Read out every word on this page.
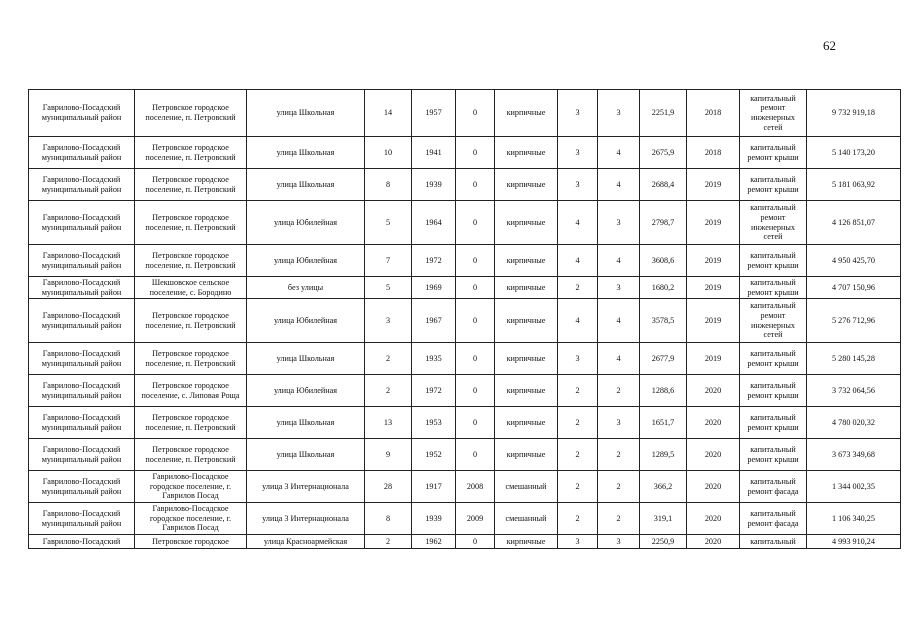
62
Гаврилово-Посадский муниципальный район	Петровское городское поселение, п. Петровский	улица Школьная	14	1957	0	кирпичные	3	3	2251,9	2018	капитальный ремонт инженерных сетей	9 732 919,18
Гаврилово-Посадский муниципальный район	Петровское городское поселение, п. Петровский	улица Школьная	10	1941	0	кирпичные	3	4	2675,9	2018	капитальный ремонт крыши	5 140 173,20
Гаврилово-Посадский муниципальный район	Петровское городское поселение, п. Петровский	улица Школьная	8	1939	0	кирпичные	3	4	2688,4	2019	капитальный ремонт крыши	5 181 063,92
Гаврилово-Посадский муниципальный район	Петровское городское поселение, п. Петровский	улица Юбилейная	5	1964	0	кирпичные	4	3	2798,7	2019	капитальный ремонт инженерных сетей	4 126 851,07
Гаврилово-Посадский муниципальный район	Петровское городское поселение, п. Петровский	улица Юбилейная	7	1972	0	кирпичные	4	4	3608,6	2019	капитальный ремонт крыши	4 950 425,70
Гаврилово-Посадский муниципальный район	Шекшовское сельское поселение, с. Бородино	без улицы	5	1969	0	кирпичные	2	3	1680,2	2019	капитальный ремонт крыши	4 707 150,96
Гаврилово-Посадский муниципальный район	Петровское городское поселение, п. Петровский	улица Юбилейная	3	1967	0	кирпичные	4	4	3578,5	2019	капитальный ремонт инженерных сетей	5 276 712,96
Гаврилово-Посадский муниципальный район	Петровское городское поселение, п. Петровский	улица Школьная	2	1935	0	кирпичные	3	4	2677,9	2019	капитальный ремонт крыши	5 280 145,28
Гаврилово-Посадский муниципальный район	Петровское городское поселение, с. Липовая Роща	улица Юбилейная	2	1972	0	кирпичные	2	2	1288,6	2020	капитальный ремонт крыши	3 732 064,56
Гаврилово-Посадский муниципальный район	Петровское городское поселение, п. Петровский	улица Школьная	13	1953	0	кирпичные	2	3	1651,7	2020	капитальный ремонт крыши	4 780 020,32
Гаврилово-Посадский муниципальный район	Петровское городское поселение, п. Петровский	улица Школьная	9	1952	0	кирпичные	2	2	1289,5	2020	капитальный ремонт крыши	3 673 349,68
Гаврилово-Посадский муниципальный район	Гаврилово-Посадское городское поселение, г. Гаврилов Посад	улица 3 Интернационала	28	1917	2008	смешанный	2	2	366,2	2020	капитальный ремонт фасада	1 344 002,35
Гаврилово-Посадский муниципальный район	Гаврилово-Посадское городское поселение, г. Гаврилов Посад	улица 3 Интернационала	8	1939	2009	смешанный	2	2	319,1	2020	капитальный ремонт фасада	1 106 340,25
Гаврилово-Посадский	Петровское городское	улица Красноармейская	2	1962	0	кирпичные	3	3	2250,9	2020	капитальный	4 993 910,24
